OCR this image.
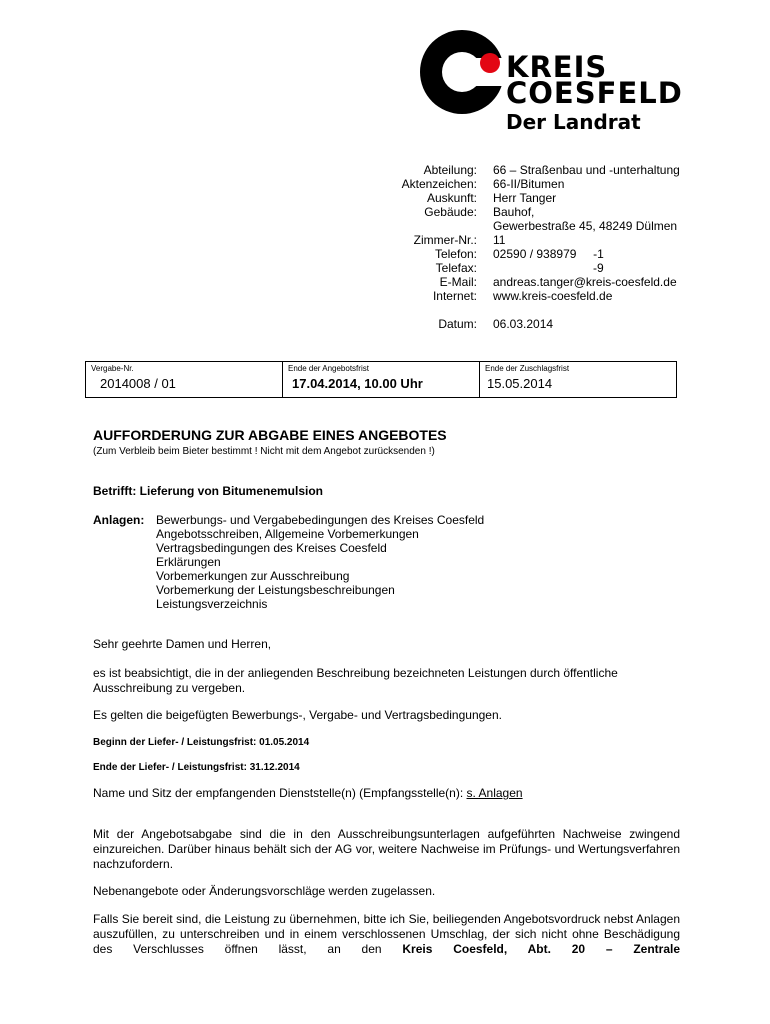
KREIS
COESFELD
Der Landrat
Abteilung:	66 – Straßenbau und -unterhaltung
Aktenzeichen:	66-II/Bitumen
Auskunft:	Herr Tanger
Gebäude:	Bauhof,
Gewerbestraße 45, 48249 Dülmen
Zimmer-Nr.:	11
Telefon:	02590 / 938979     -1
Telefax:	-9
E-Mail:	andreas.tanger@kreis-coesfeld.de
Internet:	www.kreis-coesfeld.de
Datum:	06.03.2014
Vergabe-Nr.
2014008 / 01
Ende der Angebotsfrist
17.04.2014, 10.00 Uhr
Ende der Zuschlagsfrist
15.05.2014
AUFFORDERUNG ZUR ABGABE EINES ANGEBOTES
(Zum Verbleib beim Bieter bestimmt ! Nicht mit dem Angebot zurücksenden !)
Betrifft: Lieferung von Bitumenemulsion
Anlagen: Bewerbungs- und Vergabebedingungen des Kreises Coesfeld
Angebotsschreiben, Allgemeine Vorbemerkungen
Vertragsbedingungen des Kreises Coesfeld
Erklärungen
Vorbemerkungen zur Ausschreibung
Vorbemerkung der Leistungsbeschreibungen
Leistungsverzeichnis
Sehr geehrte Damen und Herren,
es ist beabsichtigt, die in der anliegenden Beschreibung bezeichneten Leistungen durch öffentliche Ausschreibung zu vergeben.
Es gelten die beigefügten Bewerbungs-, Vergabe- und Vertragsbedingungen.
Beginn der Liefer- / Leistungsfrist: 01.05.2014
Ende der Liefer- / Leistungsfrist: 31.12.2014
Name und Sitz der empfangenden Dienststelle(n) (Empfangsstelle(n): s. Anlagen
Mit der Angebotsabgabe sind die in den Ausschreibungsunterlagen aufgeführten Nachweise zwingend einzureichen. Darüber hinaus behält sich der AG vor, weitere Nachweise im Prüfungs- und Wertungsverfahren nachzufordern.
Nebenangebote oder Änderungsvorschläge werden zugelassen.
Falls Sie bereit sind, die Leistung zu übernehmen, bitte ich Sie, beiliegenden Angebotsvordruck nebst Anlagen auszufüllen, zu unterschreiben und in einem verschlossenen Umschlag, der sich nicht ohne Beschädigung des Verschlusses öffnen lässt, an den Kreis Coesfeld, Abt. 20 – Zentrale
